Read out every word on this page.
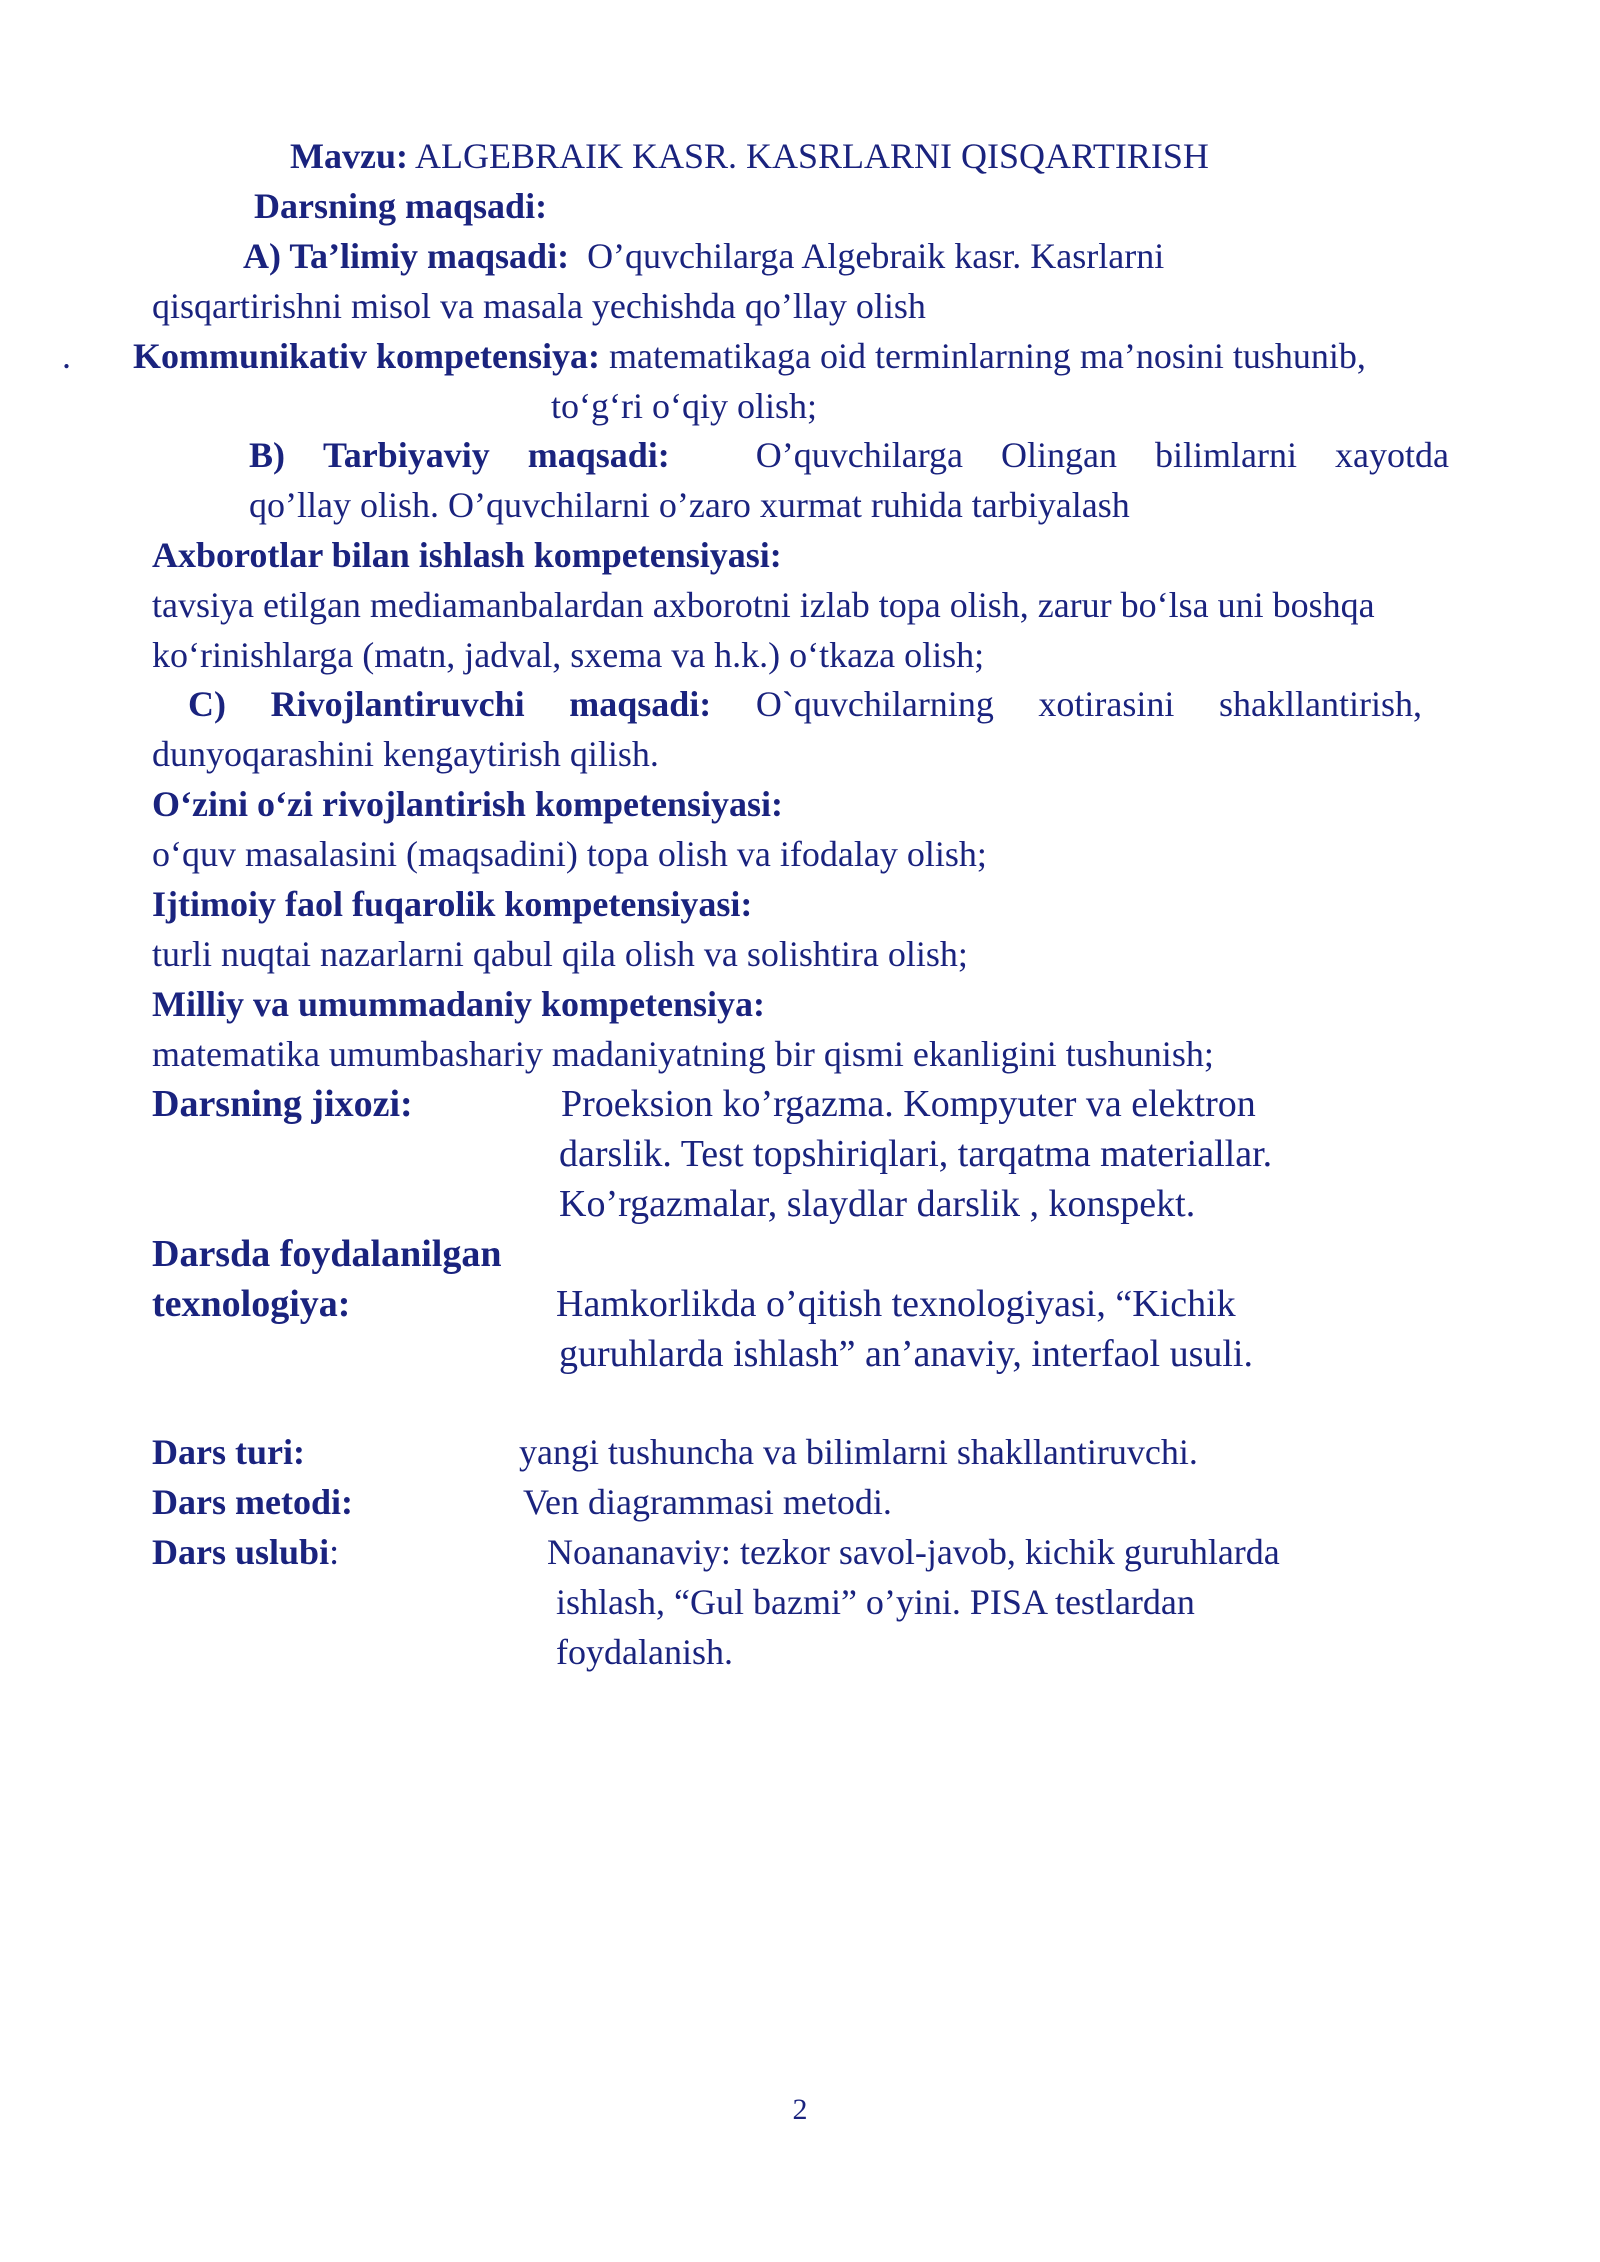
Mavzu: ALGEBRAIK KASR. KASRLARNI QISQARTIRISH
Darsning maqsadi:
A) Ta’limiy maqsadi: O’quvchilarga Algebraik kasr. Kasrlarni
qisqartirishni misol va masala yechishda qo’llay olish
. Kommunikativ kompetensiya: matematikaga oid terminlarning ma’nosini tushunib,
to‘g‘ri o‘qiy olish;
B) Tarbiyaviy maqsadi: O’quvchilarga Olingan bilimlarni xayotda
qo’llay olish. O’quvchilarni o’zaro xurmat ruhida tarbiyalash
Axborotlar bilan ishlash kompetensiyasi:
tavsiya etilgan mediamanbalardan axborotni izlab topa olish, zarur bo‘lsa uni boshqa
ko‘rinishlarga (matn, jadval, sxema va h.k.) o‘tkaza olish;
C) Rivojlantiruvchi maqsadi: O`quvchilarning xotirasini shakllantirish,
dunyoqarashini kengaytirish qilish.
O‘zini o‘zi rivojlantirish kompetensiyasi:
o‘quv masalasini (maqsadini) topa olish va ifodalay olish;
Ijtimoiy faol fuqarolik kompetensiyasi:
turli nuqtai nazarlarni qabul qila olish va solishtira olish;
Milliy va umummadaniy kompetensiya:
matematika umumbashariy madaniyatning bir qismi ekanligini tushunish;
Darsning jixozi:	Proeksion ko’rgazma. Kompyuter va elektron
darslik. Test topshiriqlari, tarqatma materiallar.
Ko’rgazmalar, slaydlar darslik , konspekt.
Darsda foydalanilgan
texnologiya:	Hamkorlikda o’qitish texnologiyasi, “Kichik
guruhlarda ishlash” an’anaviy, interfaol usuli.
Dars turi:	yangi tushuncha va bilimlarni shakllantiruvchi.
Dars metodi:	Ven diagrammasi metodi.
Dars uslubi:	Noananaviy: tezkor savol-javob, kichik guruhlarda
ishlash, “Gul bazmi” o’yini. PISA testlardan
foydalanish.
2
